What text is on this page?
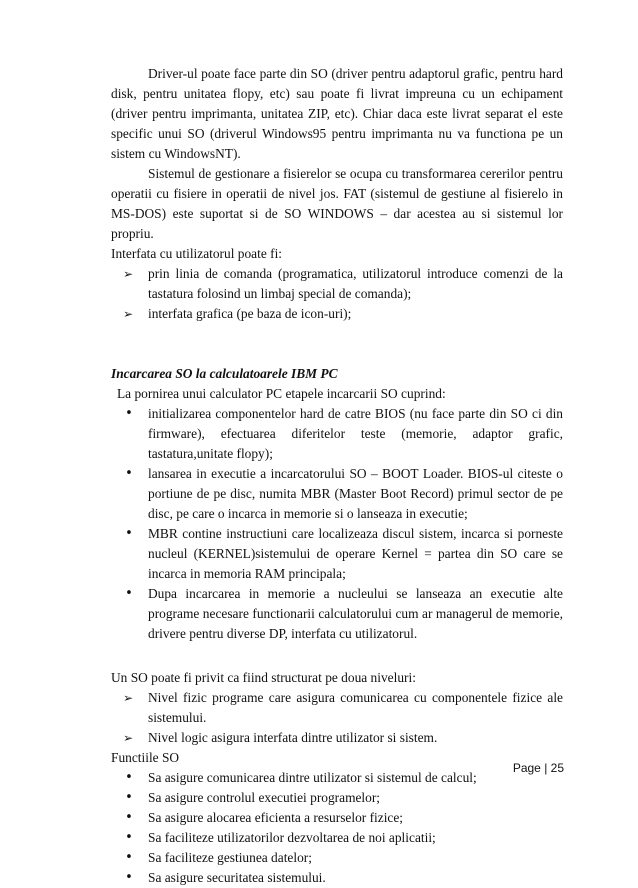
Driver-ul poate face parte din SO (driver pentru adaptorul grafic, pentru hard disk, pentru unitatea flopy, etc) sau poate fi livrat impreuna cu un echipament (driver pentru imprimanta, unitatea ZIP, etc). Chiar daca este livrat separat el este specific unui SO (driverul Windows95 pentru imprimanta nu va functiona pe un sistem cu WindowsNT).

Sistemul de gestionare a fisierelor se ocupa cu transformarea cererilor pentru operatii cu fisiere in operatii de nivel jos. FAT (sistemul de gestiune al fisierelo in MS-DOS) este suportat si de SO WINDOWS – dar acestea au si sistemul lor propriu.

Interfata cu utilizatorul poate fi:

➢	prin linia de comanda (programatica, utilizatorul introduce comenzi de la tastatura folosind un limbaj special de comanda);
➢	interfata grafica (pe baza de icon-uri);

Incarcarea SO la calculatoarele IBM PC

La pornirea unui calculator PC etapele incarcarii SO cuprind:

•	initializarea componentelor hard de catre BIOS (nu face parte din SO ci din firmware), efectuarea diferitelor teste (memorie, adaptor grafic, tastatura,unitate flopy);
•	lansarea in executie a incarcatorului SO – BOOT Loader. BIOS-ul citeste o portiune de pe disc, numita MBR (Master Boot Record) primul sector de pe disc, pe care o incarca in memorie si o lanseaza in executie;
•	MBR contine instructiuni care localizeaza discul sistem, incarca si porneste nucleul (KERNEL)sistemului de operare Kernel = partea din SO care se incarca in memoria RAM principala;
•	Dupa incarcarea in memorie a nucleului se lanseaza an executie alte programe necesare functionarii calculatorului cum ar managerul de memorie, drivere pentru diverse DP, interfata cu utilizatorul.

Un SO poate fi privit ca fiind structurat pe doua niveluri:

➢	Nivel fizic programe care asigura comunicarea cu componentele fizice ale sistemului.
➢	Nivel logic asigura interfata dintre utilizator si sistem.

Functiile SO

•	Sa asigure comunicarea dintre utilizator si sistemul de calcul;
•	Sa asigure controlul executiei programelor;
•	Sa asigure alocarea eficienta a resurselor fizice;
•	Sa faciliteze utilizatorilor dezvoltarea de noi aplicatii;
•	Sa faciliteze gestiunea datelor;
•	Sa asigure securitatea sistemului.
Page | 25
